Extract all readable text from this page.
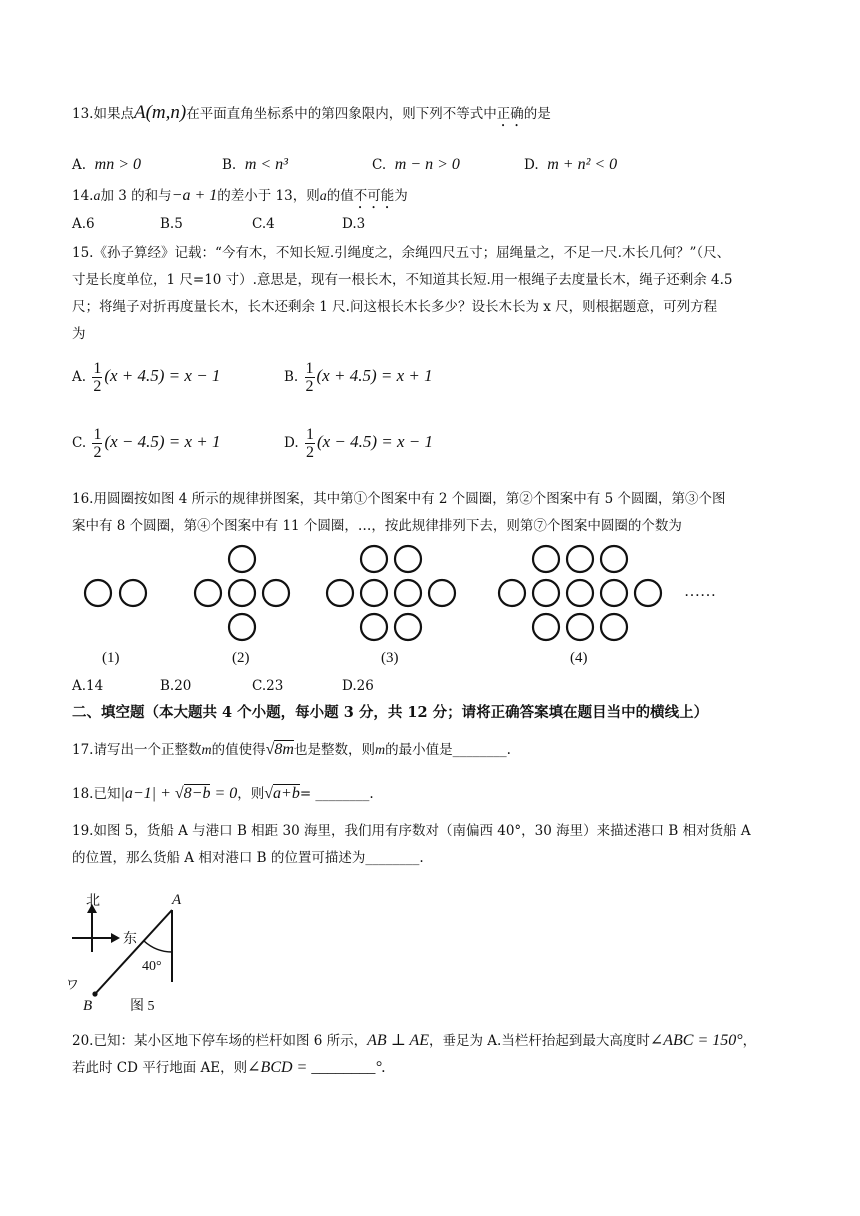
13.如果点A(m,n)在平面直角坐标系中的第四象限内，则下列不等式中正确的是
A. mn > 0	B. m < n³	C. m − n > 0	D. m + n² < 0
14.a加 3 的和与−a + 1的差小于 13，则a的值不可能为
A.6	B.5	C.4	D.3
15.《孙子算经》记载：“今有木，不知长短.引绳度之，余绳四尺五寸；屈绳量之，不足一尺.木长几何？”（尺、
寸是长度单位，1 尺=10 寸）.意思是，现有一根长木，不知道其长短.用一根绳子去度量长木，绳子还剩余 4.5
尺；将绳子对折再度量长木，长木还剩余 1 尺.问这根长木长多少？设长木长为 x 尺，则根据题意，可列方程
为
A. $\frac{1}{2} (x + 4.5) = x - 1$	B. $\frac{1}{2} (x + 4.5) = x + 1$
C. $\frac{1}{2} (x - 4.5) = x + 1$	D. $\frac{1}{2} (x - 4.5) = x - 1$
16.用圆圈按如图 4 所示的规律拼图案，其中第①个图案中有 2 个圆圈，第②个图案中有 5 个圆圈，第③个图
案中有 8 个圆圈，第④个图案中有 11 个圆圈，…，按此规律排列下去，则第⑦个图案中圆圈的个数为
……
(1)	(2)	(3)	(4)
A.14	B.20	C.23	D.26
二、填空题（本大题共 4 个小题，每小题 3 分，共 12 分；请将正确答案填在题目当中的横线上）
17.请写出一个正整数m的值使得√8m也是整数，则m的最小值是________.
18.已知|a−1| + √8−b = 0，则√a+b= ________.
19.如图 5，货船 A 与港口 B 相距 30 海里，我们用有序数对（南偏西 40°，30 海里）来描述港口 B 相对货船 A
的位置，那么货船 A 相对港口 B 的位置可描述为________.
北
东
40°
A
B
ワ
图 5
20.已知：某小区地下停车场的栏杆如图 6 所示，AB ⊥ AE，垂足为 A.当栏杆抬起到最大高度时∠ABC = 150°，
若此时 CD 平行地面 AE，则∠BCD = ________°.
